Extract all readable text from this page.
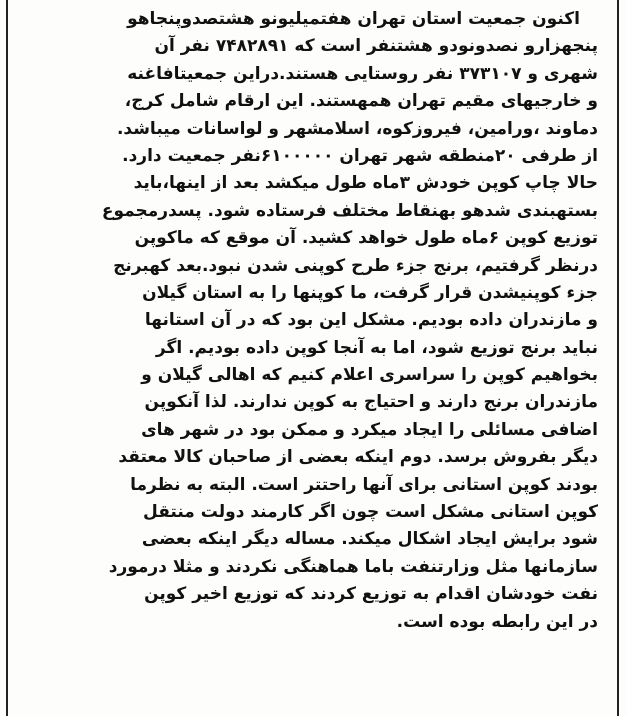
اکنون جمعیت استان تهران هفتمیلیونو هشتصدوپنجاهو
پنجهزارو نصدونودو هشتنفر است که ۷۴۸۲۸۹۱ نفر آن
شهری و ۳۷۳۱۰۷ نفر روستایی هستند.دراین جمعیتافاغنه
و خارجیهای مقیم تهران همهستند. این ارقام شامل کرج،
دماوند ،ورامین، فیروزکوه، اسلامشهر و لواسانات میباشد.
از طرفی ۲۰منطقه شهر تهران ۶۱۰۰۰۰۰نفر جمعیت دارد.
حالا چاپ کوپن خودش ۳ماه طول میکشد بعد از اینها،باید
بستهبندی شدهو بهنقاط مختلف فرستاده شود. پسدرمجموع
توزیع کوپن ۶ماه طول خواهد کشید. آن موقع که ماکوپن
درنظر گرفتیم، برنج جزء طرح کوپنی شدن نبود.بعد کهبرنج
جزء کوپنیشدن قرار گرفت، ما کوپنها را به استان گیلان
و مازندران داده بودیم. مشکل این بود که در آن استانها
نباید برنج توزیع شود، اما به آنجا کوپن داده بودیم. اگر
بخواهیم کوپن را سراسری اعلام کنیم که اهالی گیلان و
مازندران برنج دارند و احتیاج به کوپن ندارند. لذا آنکوپن
اضافی مسائلی را ایجاد میکرد و ممکن بود در شهر های
دیگر بفروش برسد. دوم اینکه بعضی از صاحبان کالا معتقد
بودند کوپن استانی برای آنها راحتتر است. البته به نظرما
کوپن استانی مشکل است چون اگر کارمند دولت منتقل
شود برایش ایجاد اشکال میکند. مساله دیگر اینکه بعضی
سازمانها مثل وزارتنفت باما هماهنگی نکردند و مثلا درمورد
نفت خودشان اقدام به توزیع کردند که توزیع اخیر کوپن
در این رابطه بوده است.
